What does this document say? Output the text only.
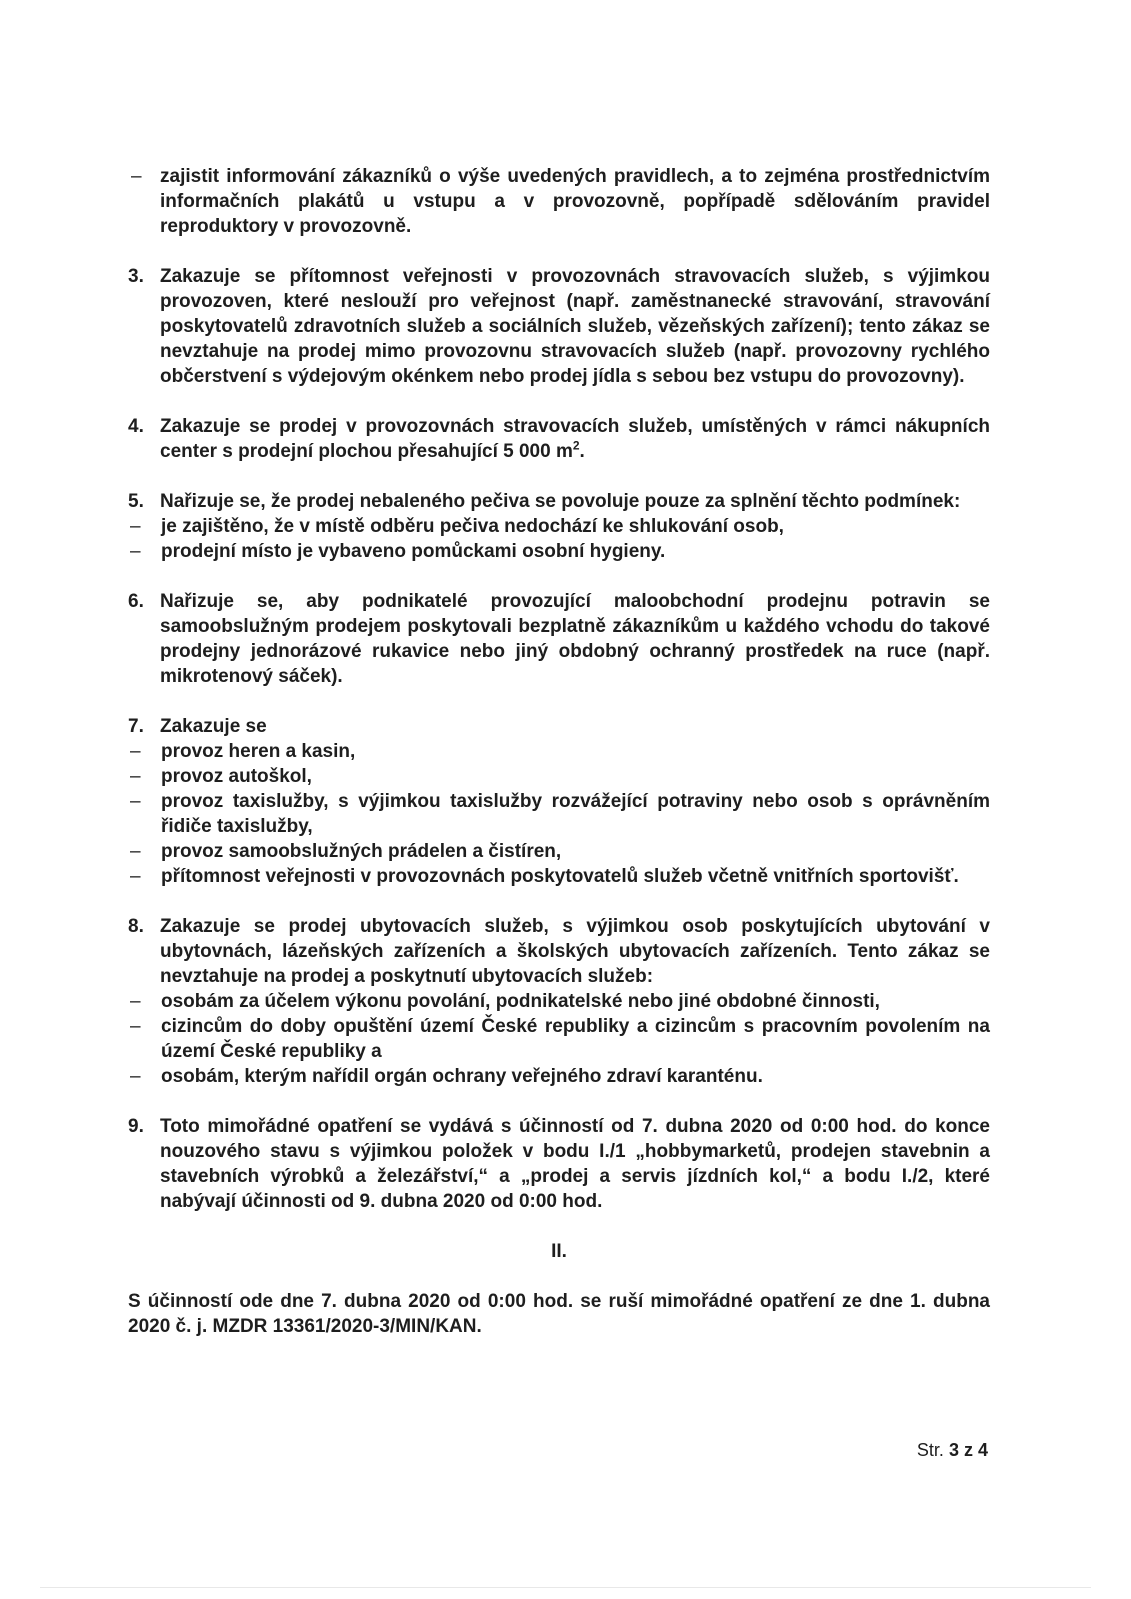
– zajistit informování zákazníků o výše uvedených pravidlech, a to zejména prostřednictvím informačních plakátů u vstupu a v provozovně, popřípadě sdělováním pravidel reproduktory v provozovně.
3. Zakazuje se přítomnost veřejnosti v provozovnách stravovacích služeb, s výjimkou provozoven, které neslouží pro veřejnost (např. zaměstnanecké stravování, stravování poskytovatelů zdravotních služeb a sociálních služeb, vězeňských zařízení); tento zákaz se nevztahuje na prodej mimo provozovnu stravovacích služeb (např. provozovny rychlého občerstvení s výdejovým okénkem nebo prodej jídla s sebou bez vstupu do provozovny).
4. Zakazuje se prodej v provozovnách stravovacích služeb, umístěných v rámci nákupních center s prodejní plochou přesahující 5 000 $m^2$.
5. Nařizuje se, že prodej nebaleného pečiva se povoluje pouze za splnění těchto podmínek:
–	je zajištěno, že v místě odběru pečiva nedochází ke shlukování osob,
–	prodejní místo je vybaveno pomůckami osobní hygieny.
6. Nařizuje se, aby podnikatelé provozující maloobchodní prodejnu potravin se samoobslužným prodejem poskytovali bezplatně zákazníkům u každého vchodu do takové prodejny jednorázové rukavice nebo jiný obdobný ochranný prostředek na ruce (např. mikrotenový sáček).
7. Zakazuje se
–	provoz heren a kasin,
–	provoz autoškol,
–	provoz taxislužby, s výjimkou taxislužby rozvážející potraviny nebo osob s oprávněním řidiče taxislužby,
–	provoz samoobslužných prádelen a čistíren,
–	přítomnost veřejnosti v provozovnách poskytovatelů služeb včetně vnitřních sportovišť.
8. Zakazuje se prodej ubytovacích služeb, s výjimkou osob poskytujících ubytování v ubytovnách, lázeňských zařízeních a školských ubytovacích zařízeních. Tento zákaz se nevztahuje na prodej a poskytnutí ubytovacích služeb:
–	osobám za účelem výkonu povolání, podnikatelské nebo jiné obdobné činnosti,
–	cizincům do doby opuštění území České republiky a cizincům s pracovním povolením na území České republiky a
–	osobám, kterým nařídil orgán ochrany veřejného zdraví karanténu.
9. Toto mimořádné opatření se vydává s účinností od 7. dubna 2020 od 0:00 hod. do konce nouzového stavu s výjimkou položek v bodu I./1 „hobbymarketů, prodejen stavebnin a stavebních výrobků a železářství,“ a „prodej a servis jízdních kol,“ a bodu I./2, které nabývají účinnosti od 9. dubna 2020 od 0:00 hod.
II.
S účinností ode dne 7. dubna 2020 od 0:00 hod. se ruší mimořádné opatření ze dne 1. dubna 2020 č. j. MZDR 13361/2020-3/MIN/KAN.
Str. 3 z 4
